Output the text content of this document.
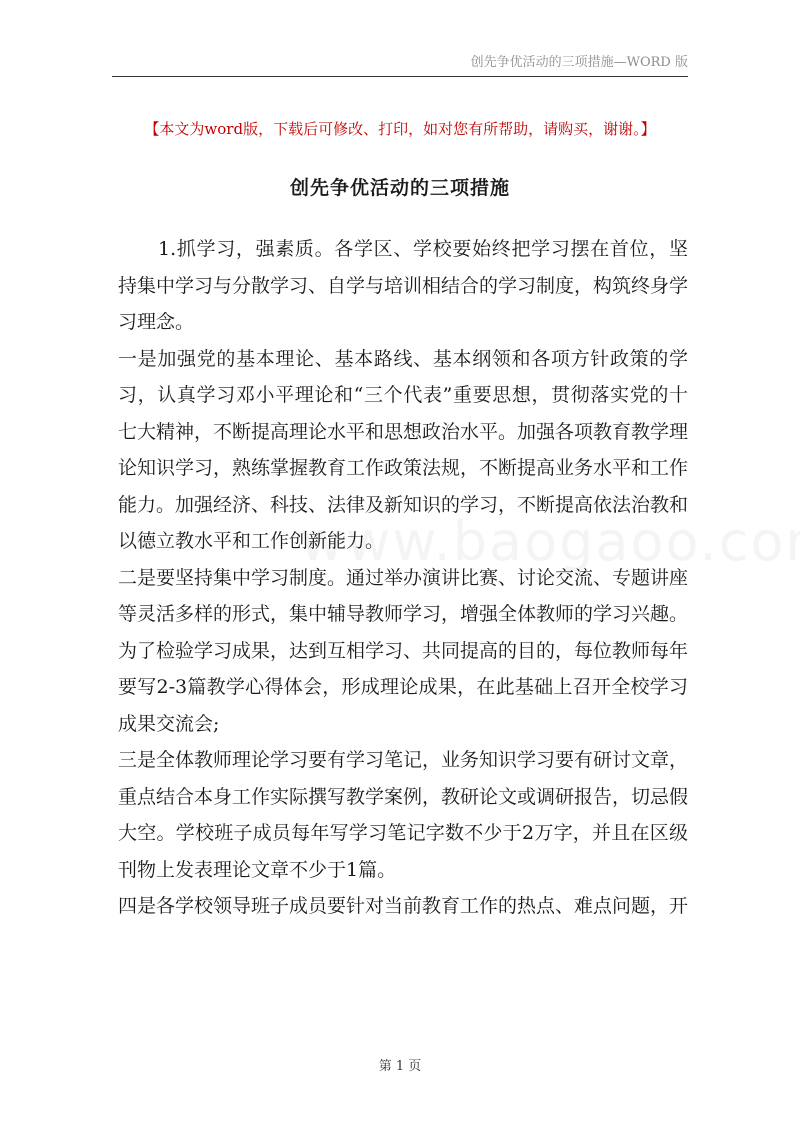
创先争优活动的三项措施—WORD 版
【本文为word版，下载后可修改、打印，如对您有所帮助，请购买，谢谢。】
创先争优活动的三项措施

1.抓学习，强素质。各学区、学校要始终把学习摆在首位，坚持集中学习与分散学习、自学与培训相结合的学习制度，构筑终身学习理念。

一是加强党的基本理论、基本路线、基本纲领和各项方针政策的学习，认真学习邓小平理论和“三个代表”重要思想，贯彻落实党的十七大精神，不断提高理论水平和思想政治水平。加强各项教育教学理论知识学习，熟练掌握教育工作政策法规，不断提高业务水平和工作能力。加强经济、科技、法律及新知识的学习，不断提高依法治教和以德立教水平和工作创新能力。

二是要坚持集中学习制度。通过举办演讲比赛、讨论交流、专题讲座等灵活多样的形式，集中辅导教师学习，增强全体教师的学习兴趣。为了检验学习成果，达到互相学习、共同提高的目的，每位教师每年要写2-3篇教学心得体会，形成理论成果，在此基础上召开全校学习成果交流会;

三是全体教师理论学习要有学习笔记，业务知识学习要有研讨文章，重点结合本身工作实际撰写教学案例，教研论文或调研报告，切忌假大空。学校班子成员每年写学习笔记字数不少于2万字，并且在区级刊物上发表理论文章不少于1篇。

四是各学校领导班子成员要针对当前教育工作的热点、难点问题，开

第 1 页
